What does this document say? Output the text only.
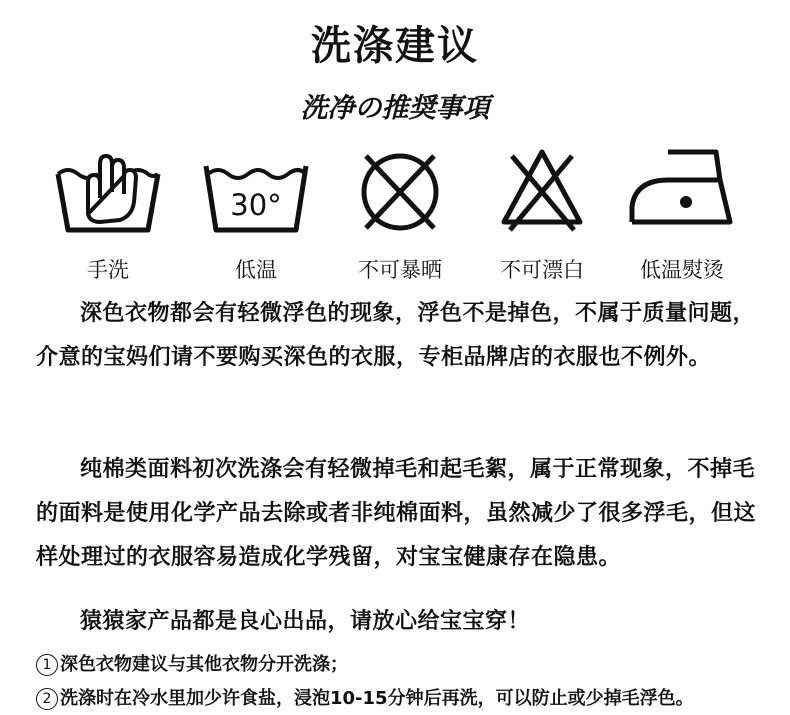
洗涤建议
洗净の推奨事項
手洗
30°
低温	不可暴晒	不可漂白	低温熨烫
深色衣物都会有轻微浮色的现象，浮色不是掉色，不属于质量问题，介意的宝妈们请不要购买深色的衣服，专柜品牌店的衣服也不例外。
纯棉类面料初次洗涤会有轻微掉毛和起毛絮，属于正常现象，不掉毛的面料是使用化学产品去除或者非纯棉面料，虽然减少了很多浮毛，但这样处理过的衣服容易造成化学残留，对宝宝健康存在隐患。
猿猿家产品都是良心出品，请放心给宝宝穿！
1 深色衣物建议与其他衣物分开洗涤；
2 洗涤时在冷水里加少许食盐，浸泡10-15分钟后再洗，可以防止或少掉毛浮色。
